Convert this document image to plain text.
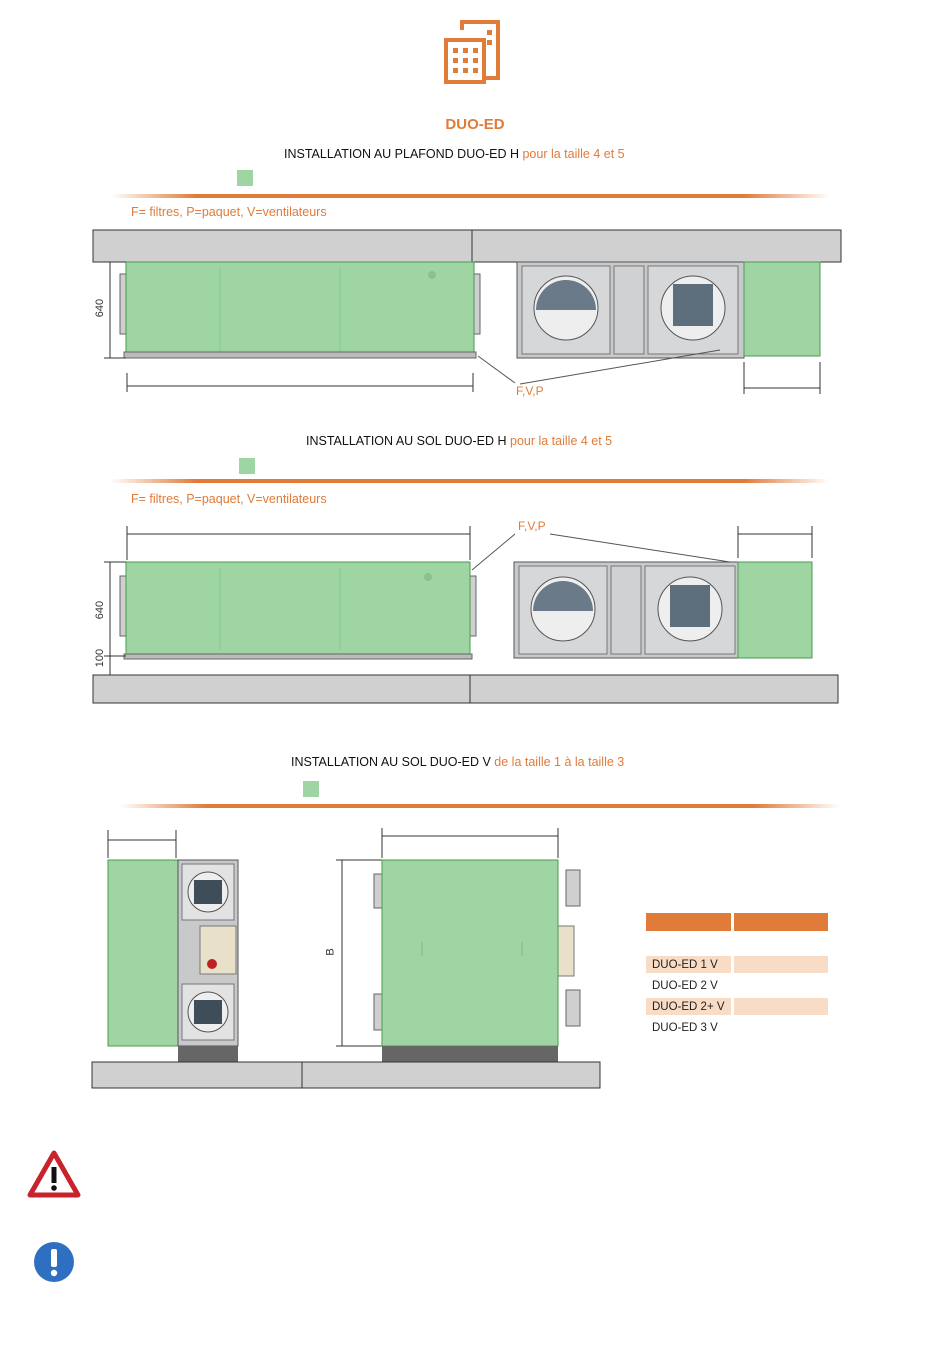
DUO-ED
INSTALLATION AU PLAFOND DUO-ED H pour la taille 4 et 5
F= filtres, P=paquet, V=ventilateurs
640
F,V,P
INSTALLATION AU SOL DUO-ED H pour la taille 4 et 5
F= filtres, P=paquet, V=ventilateurs
640
100
F,V,P
INSTALLATION AU SOL DUO-ED V de la taille 1 à la taille 3
B

DUO-ED 1 V	
DUO-ED 2 V	
DUO-ED 2+ V	
DUO-ED 3 V	
